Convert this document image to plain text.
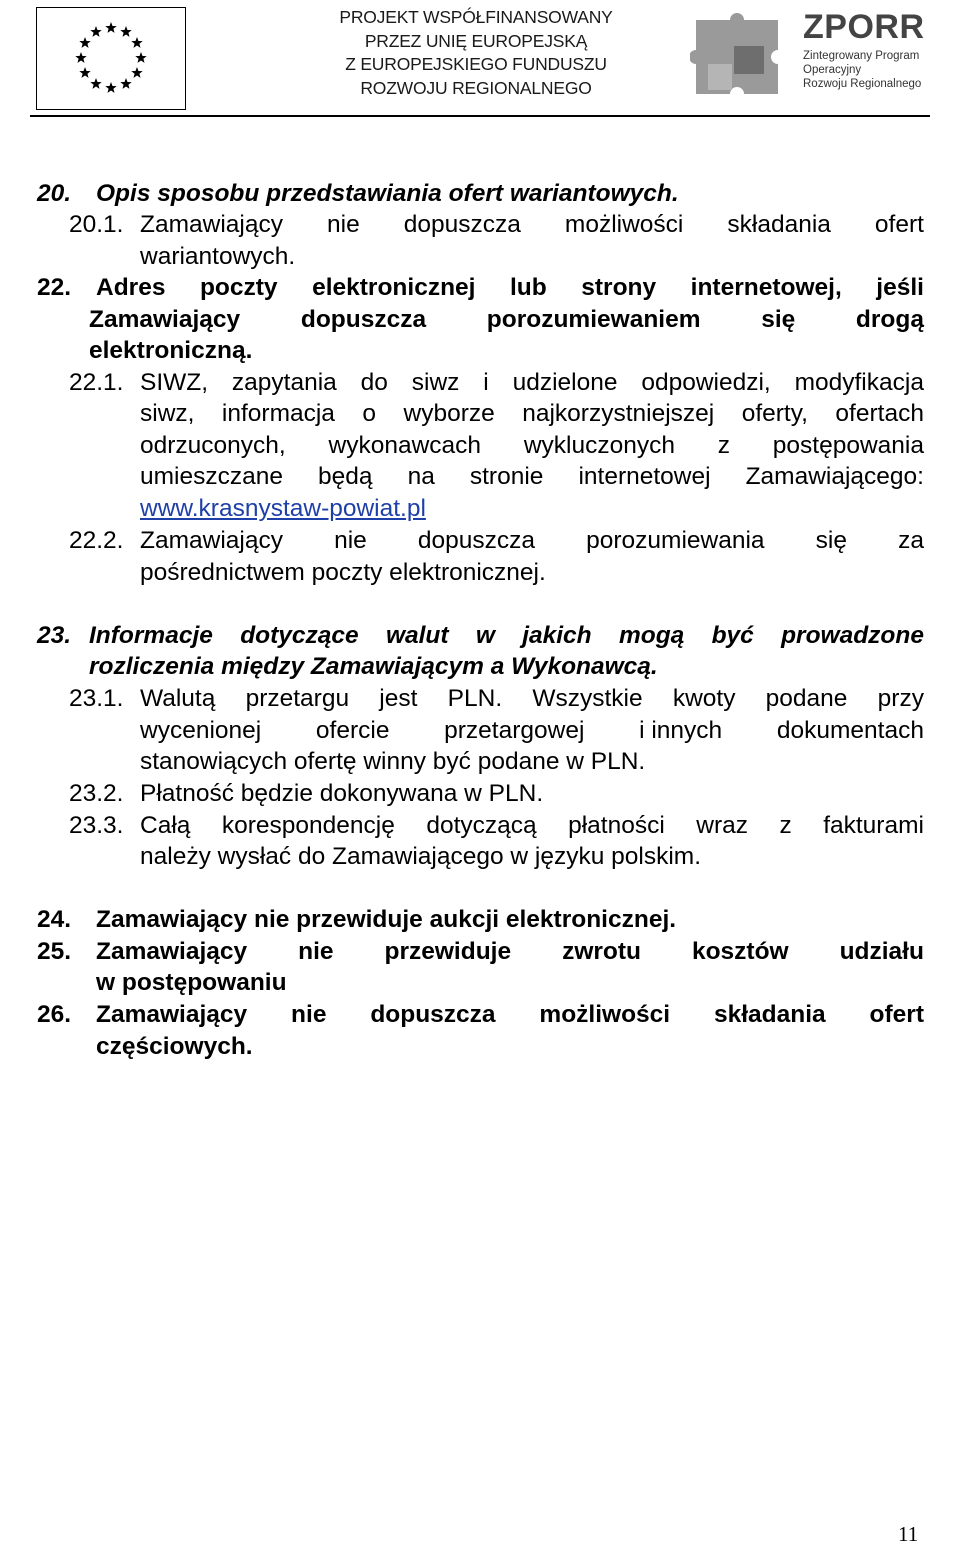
PROJEKT WSPÓŁFINANSOWANY
PRZEZ UNIĘ EUROPEJSKĄ
Z EUROPEJSKIEGO FUNDUSZU
ROZWOJU REGIONALNEGO
ZPORR
Zintegrowany Program
Operacyjny
Rozwoju Regionalnego
20. Opis sposobu przedstawiania ofert wariantowych.
20.1. Zamawiający nie dopuszcza możliwości składania ofert
wariantowych.
22. Adres poczty elektronicznej lub strony internetowej, jeśli
Zamawiający dopuszcza porozumiewaniem się drogą
elektroniczną.
22.1. SIWZ, zapytania do siwz i udzielone odpowiedzi, modyfikacja
siwz, informacja o wyborze najkorzystniejszej oferty, ofertach
odrzuconych, wykonawcach wykluczonych z postępowania
umieszczane będą na stronie internetowej Zamawiającego:
www.krasnystaw-powiat.pl
22.2. Zamawiający nie dopuszcza porozumiewania się za
pośrednictwem poczty elektronicznej.
23. Informacje dotyczące walut w jakich mogą być prowadzone
rozliczenia między Zamawiającym a Wykonawcą.
23.1. Walutą przetargu jest PLN. Wszystkie kwoty podane przy
wycenionej ofercie przetargowej i innych dokumentach
stanowiących ofertę winny być podane w PLN.
23.2. Płatność będzie dokonywana w PLN.
23.3. Całą korespondencję dotyczącą płatności wraz z fakturami
należy wysłać do Zamawiającego w języku polskim.
24. Zamawiający nie przewiduje aukcji elektronicznej.
25. Zamawiający nie przewiduje zwrotu kosztów udziału
w postępowaniu
26. Zamawiający nie dopuszcza możliwości składania ofert
częściowych.
11
